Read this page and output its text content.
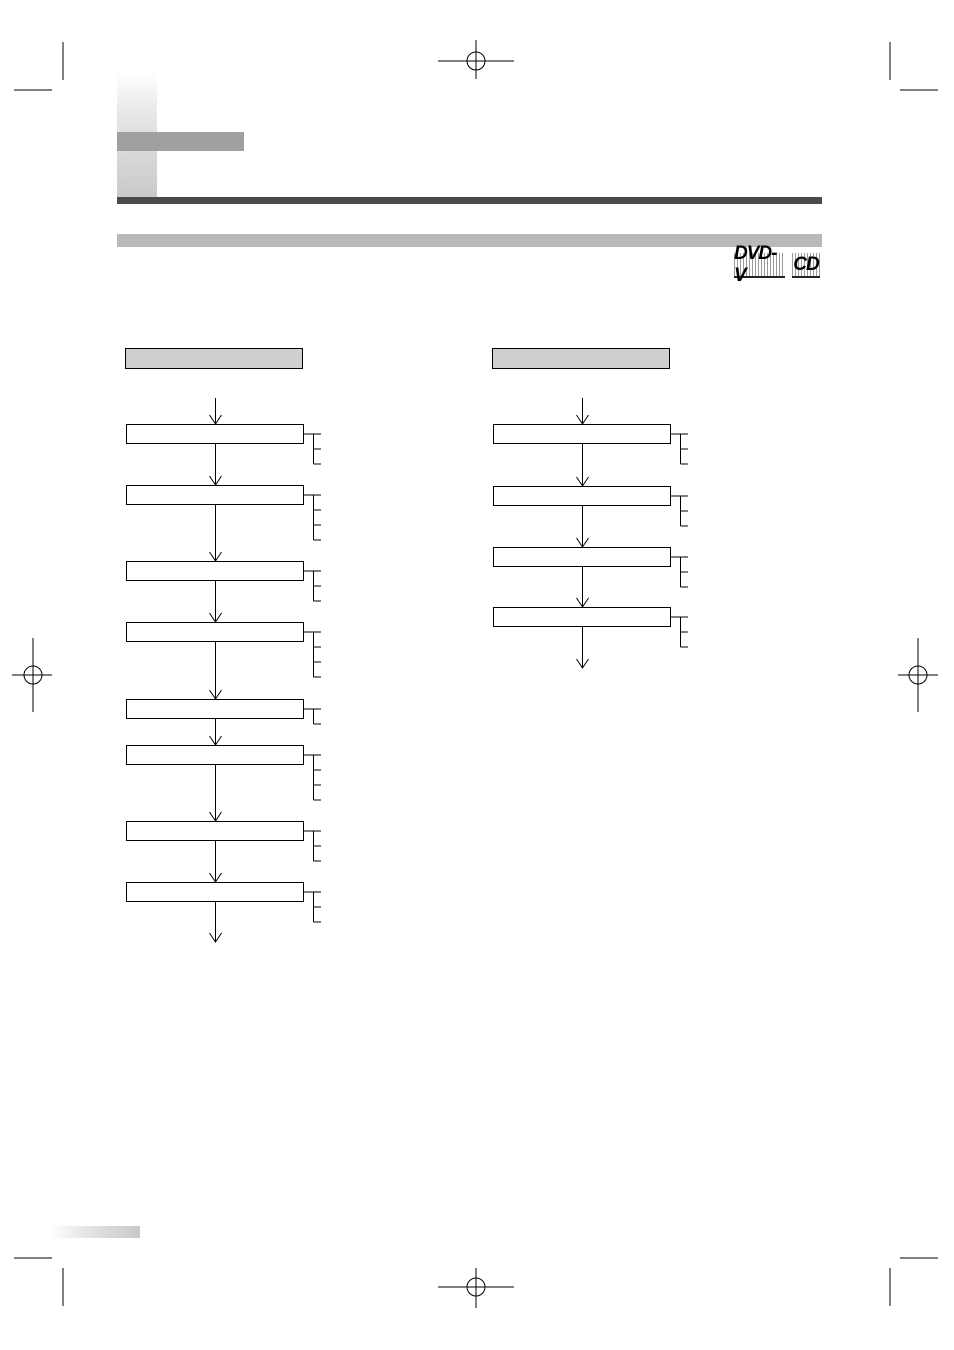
DVD-V
CD
